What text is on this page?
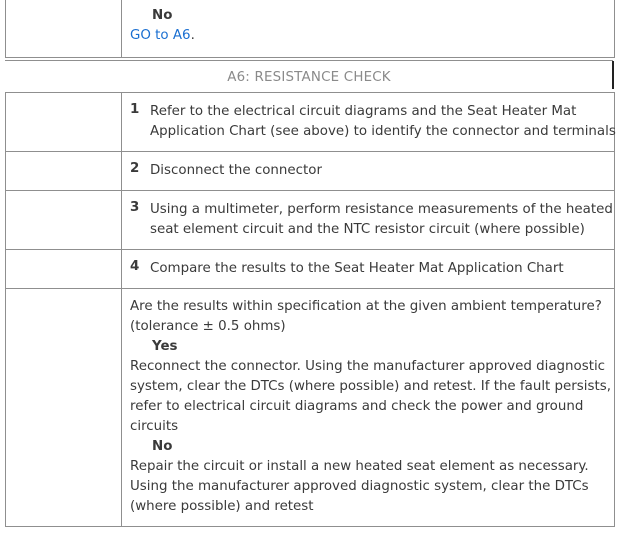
No
GO to A6.
A6: RESISTANCE CHECK
1 Refer to the electrical circuit diagrams and the Seat Heater Mat
Application Chart (see above) to identify the connector and terminals
2 Disconnect the connector
3 Using a multimeter, perform resistance measurements of the heated
seat element circuit and the NTC resistor circuit (where possible)
4 Compare the results to the Seat Heater Mat Application Chart
Are the results within specification at the given ambient temperature?
(tolerance ± 0.5 ohms)
Yes
Reconnect the connector. Using the manufacturer approved diagnostic
system, clear the DTCs (where possible) and retest. If the fault persists,
refer to electrical circuit diagrams and check the power and ground
circuits
No
Repair the circuit or install a new heated seat element as necessary.
Using the manufacturer approved diagnostic system, clear the DTCs
(where possible) and retest
